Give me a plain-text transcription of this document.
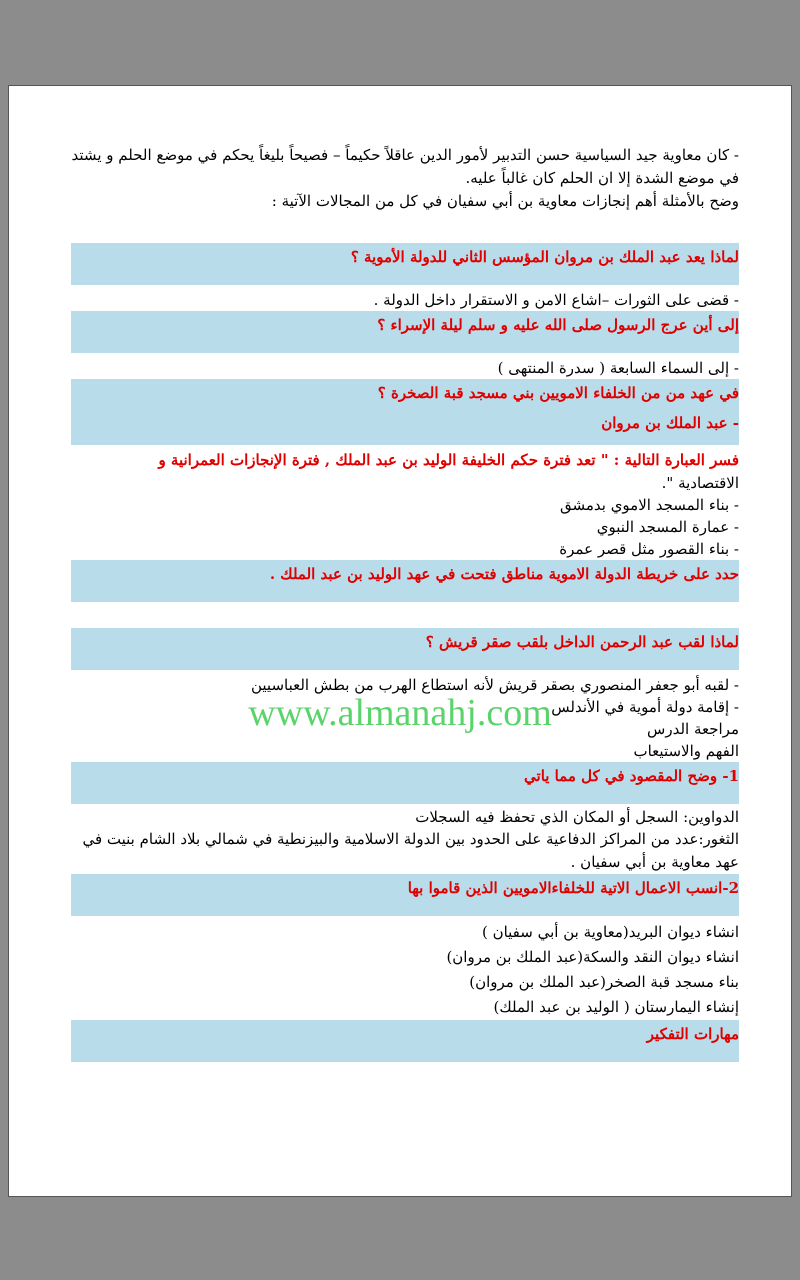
- كان معاوية جيد السياسية حسن التدبير لأمور الدين عاقلاً حكيماً – فصيحاً بليغاً يحكم في موضع الحلم و يشتد في موضع الشدة إلا ان الحلم كان غالباً عليه.
وضح بالأمثلة أهم إنجازات معاوية بن أبي سفيان في كل من المجالات الآتية :
لماذا يعد عبد الملك بن مروان المؤسس الثاني للدولة الأموية ؟
- قضى على الثورات –اشاع الامن و الاستقرار داخل الدولة .
إلى أين عرج الرسول صلى الله عليه و سلم ليلة الإسراء ؟
- إلى السماء السابعة ( سدرة المنتهى )
في عهد من من الخلفاء الامويين بني مسجد قبة الصخرة ؟
- عبد الملك بن مروان
فسر العبارة التالية : " تعد فترة حكم الخليفة الوليد بن عبد الملك , فترة الإنجازات العمرانية و
الاقتصادية ".
- بناء المسجد الاموي بدمشق
- عمارة المسجد النبوي
- بناء القصور مثل قصر عمرة
حدد على خريطة الدولة الاموية مناطق فتحت في عهد الوليد بن عبد الملك .
لماذا لقب عبد الرحمن الداخل بلقب صقر قريش ؟
- لقبه أبو جعفر المنصوري بصقر قريش لأنه استطاع الهرب من بطش العباسيين
- إقامة دولة أموية في الأندلس
مراجعة الدرس
الفهم والاستيعاب
1- وضح المقصود في كل مما ياتي
الدواوين: السجل أو المكان الذي تحفظ فيه السجلات
الثغور:عدد من المراكز الدفاعية على الحدود بين الدولة الاسلامية والبيزنطية في شمالي بلاد الشام بنيت في عهد معاوية بن أبي سفيان .
2-انسب الاعمال الاتية للخلفاءالامويين الذين قاموا بها
انشاء ديوان البريد(معاوية بن أبي سفيان )
انشاء ديوان النقد والسكة(عبد الملك بن مروان)
بناء مسجد قبة الصخر(عبد الملك بن مروان)
إنشاء اليمارستان ( الوليد بن عبد الملك)
مهارات التفكير
www.almanahj.com
